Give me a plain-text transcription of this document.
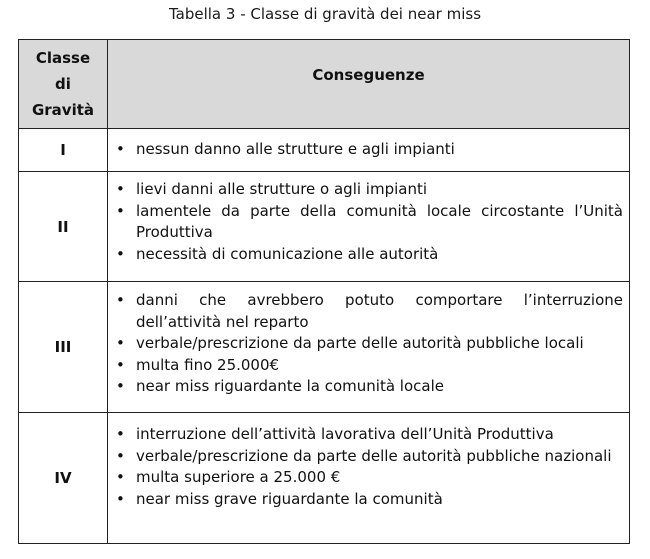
Tabella 3 - Classe di gravità dei near miss
Classe
di
Gravità
Conseguenze
I	• nessun danno alle strutture e agli impianti
II
• lievi danni alle strutture o agli impianti
• lamentele da parte della comunità locale circostante l’Unità Produttiva
• necessità di comunicazione alle autorità
III
• danni che avrebbero potuto comportare l’interruzione dell’attività nel reparto
• verbale/prescrizione da parte delle autorità pubbliche locali
• multa fino 25.000€
• near miss riguardante la comunità locale
IV
• interruzione dell’attività lavorativa dell’Unità Produttiva
• verbale/prescrizione da parte delle autorità pubbliche nazionali
• multa superiore a 25.000 €
• near miss grave riguardante la comunità
